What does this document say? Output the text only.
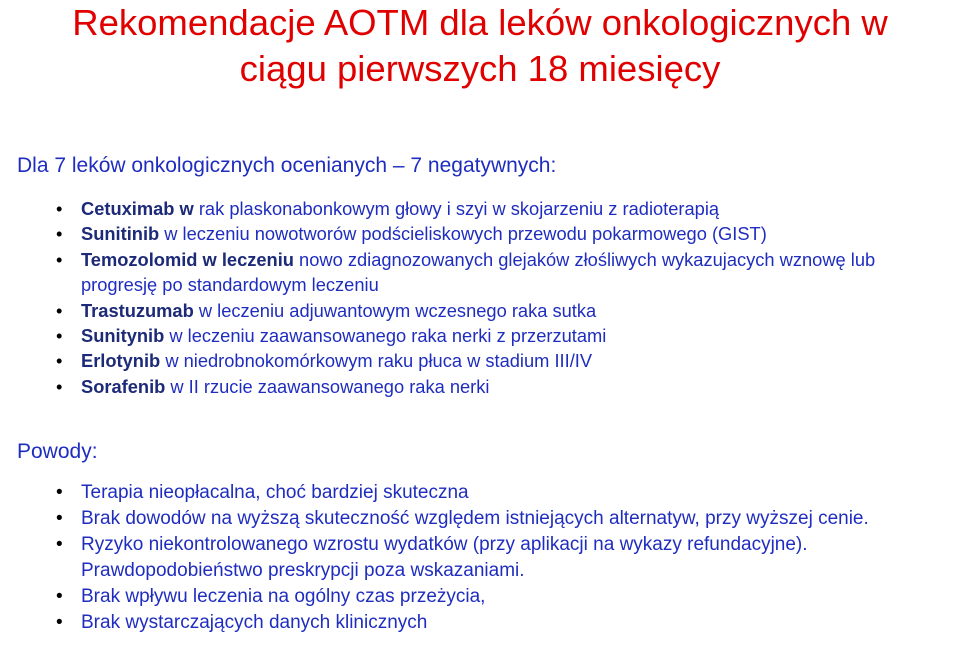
Rekomendacje AOTM dla leków onkologicznych w
ciągu pierwszych 18 miesięcy

Dla 7 leków onkologicznych ocenianych – 7 negatywnych:

• Cetuximab w rak plaskonabonkowym głowy i szyi w skojarzeniu z radioterapią
• Sunitinib w leczeniu nowotworów podścieliskowych przewodu pokarmowego (GIST)
• Temozolomid w leczeniu nowo zdiagnozowanych glejaków złośliwych wykazujacych wznowę lub progresję po standardowym leczeniu
• Trastuzumab w leczeniu adjuwantowym wczesnego raka sutka
• Sunitynib w leczeniu zaawansowanego raka nerki z przerzutami
• Erlotynib w niedrobnokomórkowym raku płuca w stadium III/IV
• Sorafenib w II rzucie zaawansowanego raka nerki

Powody:

• Terapia nieopłacalna, choć bardziej skuteczna
• Brak dowodów na wyższą skuteczność względem istniejących alternatyw, przy wyższej cenie.
• Ryzyko niekontrolowanego wzrostu wydatków (przy aplikacji na wykazy refundacyjne). Prawdopodobieństwo preskrypcji poza wskazaniami.
• Brak wpływu leczenia na ogólny czas przeżycia,
• Brak wystarczających danych klinicznych
